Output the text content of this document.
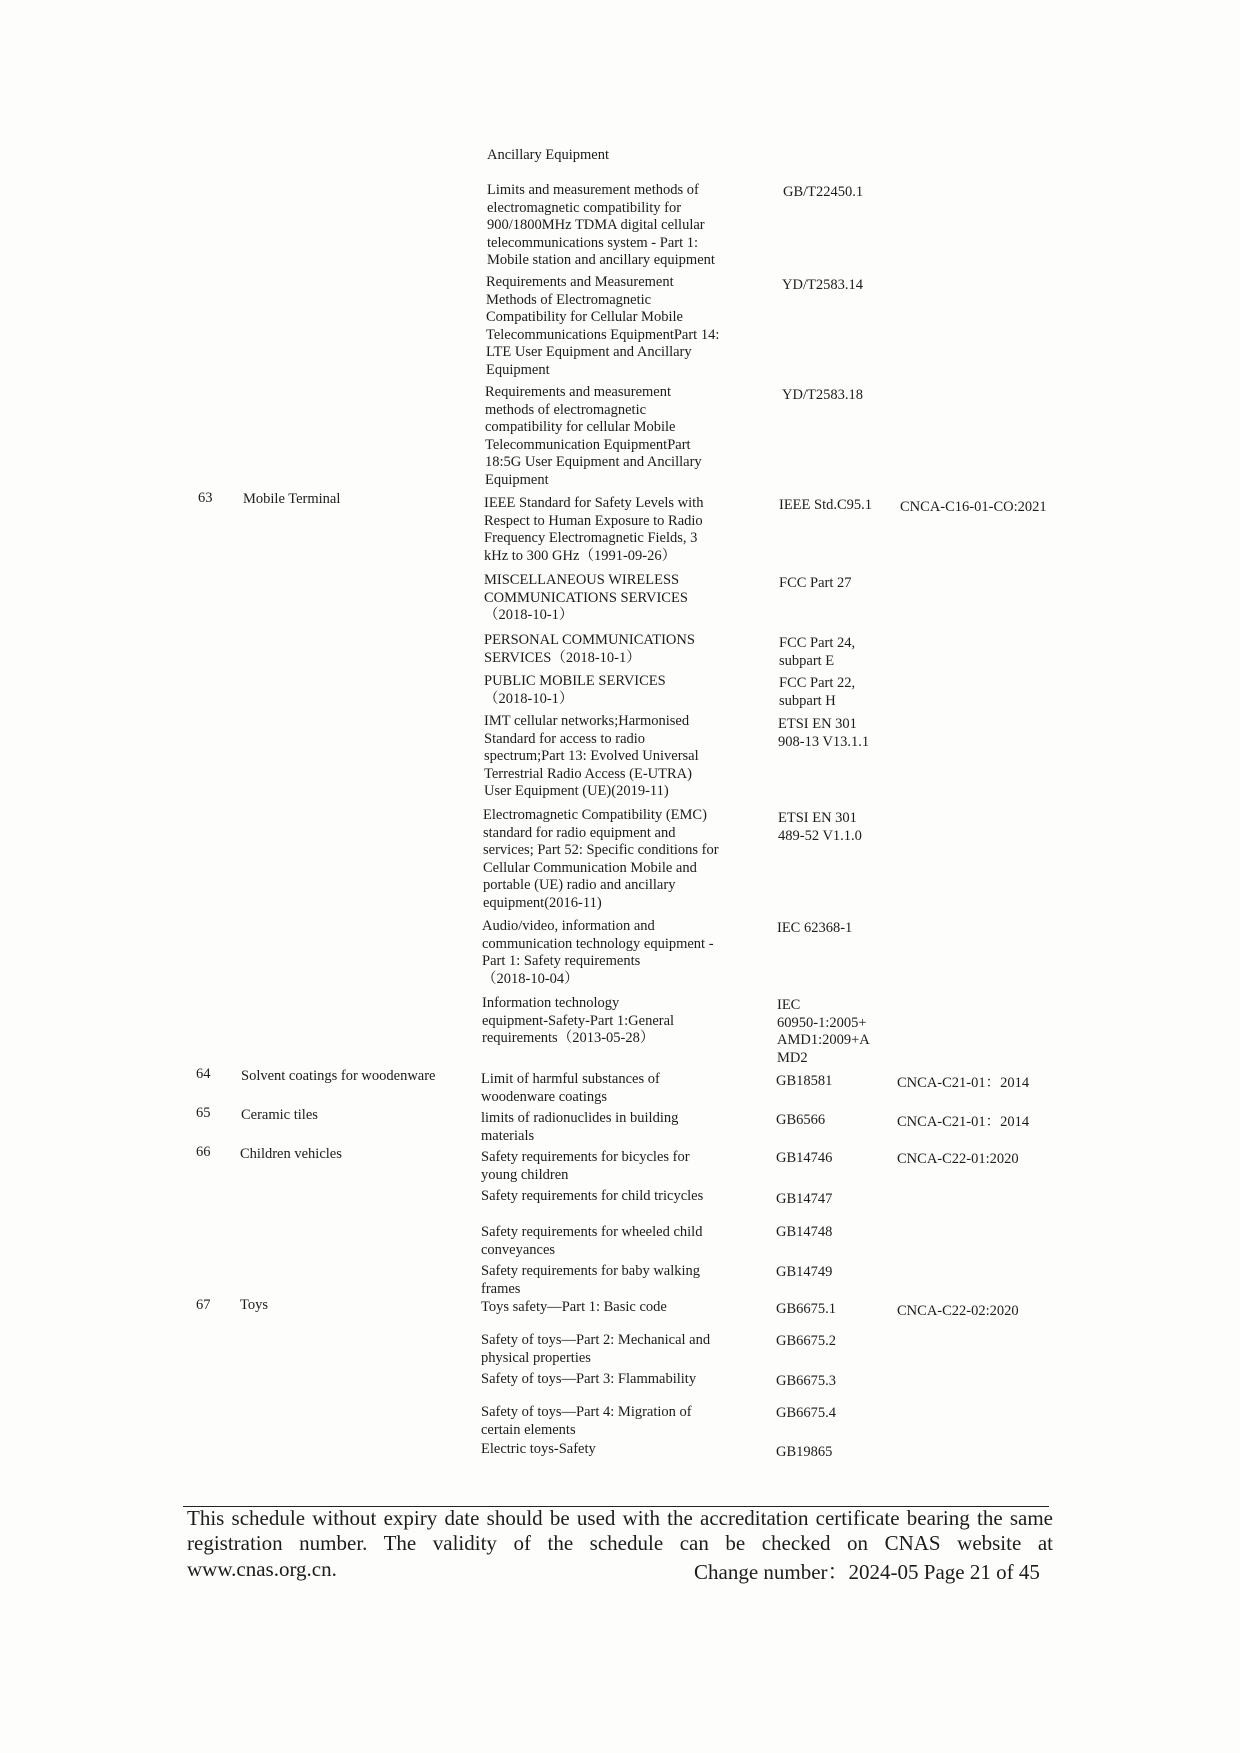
Ancillary Equipment
Limits and measurement methods of
electromagnetic compatibility for
900/1800MHz TDMA digital cellular
telecommunications system - Part 1:
Mobile station and ancillary equipment
GB/T22450.1
Requirements and Measurement
Methods of Electromagnetic
Compatibility for Cellular Mobile
Telecommunications EquipmentPart 14:
LTE User Equipment and Ancillary
Equipment
YD/T2583.14
Requirements and measurement
methods of electromagnetic
compatibility for cellular Mobile
Telecommunication EquipmentPart
18:5G User Equipment and Ancillary
Equipment
YD/T2583.18
63 Mobile Terminal	IEEE Standard for Safety Levels with
Respect to Human Exposure to Radio
Frequency Electromagnetic Fields, 3
kHz to 300 GHz（1991-09-26）
IEEE Std.C95.1	CNCA-C16-01-CO:2021
MISCELLANEOUS WIRELESS
COMMUNICATIONS SERVICES
（2018-10-1）
FCC Part 27
PERSONAL COMMUNICATIONS
SERVICES（2018-10-1）
FCC Part 24,
subpart E
PUBLIC MOBILE SERVICES
（2018-10-1）
FCC Part 22,
subpart H
IMT cellular networks;Harmonised
Standard for access to radio
spectrum;Part 13: Evolved Universal
Terrestrial Radio Access (E-UTRA)
User Equipment (UE)(2019-11)
ETSI EN 301
908-13 V13.1.1
Electromagnetic Compatibility (EMC)
standard for radio equipment and
services; Part 52: Specific conditions for
Cellular Communication Mobile and
portable (UE) radio and ancillary
equipment(2016-11)
ETSI EN 301
489-52 V1.1.0
Audio/video, information and
communication technology equipment -
Part 1: Safety requirements
（2018-10-04）
IEC 62368-1
Information technology
equipment-Safety-Part 1:General
requirements（2013-05-28）
IEC
60950-1:2005+
AMD1:2009+A
MD2
64 Solvent coatings for woodenware	Limit of harmful substances of
woodenware coatings
GB18581	CNCA-C21-01：2014
65 Ceramic tiles	limits of radionuclides in building
materials
GB6566	CNCA-C21-01：2014
66 Children vehicles	Safety requirements for bicycles for
young children
GB14746	CNCA-C22-01:2020
Safety requirements for child tricycles	GB14747
Safety requirements for wheeled child
conveyances
GB14748
Safety requirements for baby walking
frames
GB14749
67 Toys	Toys safety—Part 1: Basic code	GB6675.1	CNCA-C22-02:2020
Safety of toys—Part 2: Mechanical and
physical properties
GB6675.2
Safety of toys—Part 3: Flammability	GB6675.3
Safety of toys—Part 4: Migration of
certain elements
GB6675.4
Electric toys-Safety	GB19865
This schedule without expiry date should be used with the accreditation certificate bearing the same registration number. The validity of the schedule can be checked on CNAS website at
www.cnas.org.cn.	Change number：2024-05 Page 21 of 45
